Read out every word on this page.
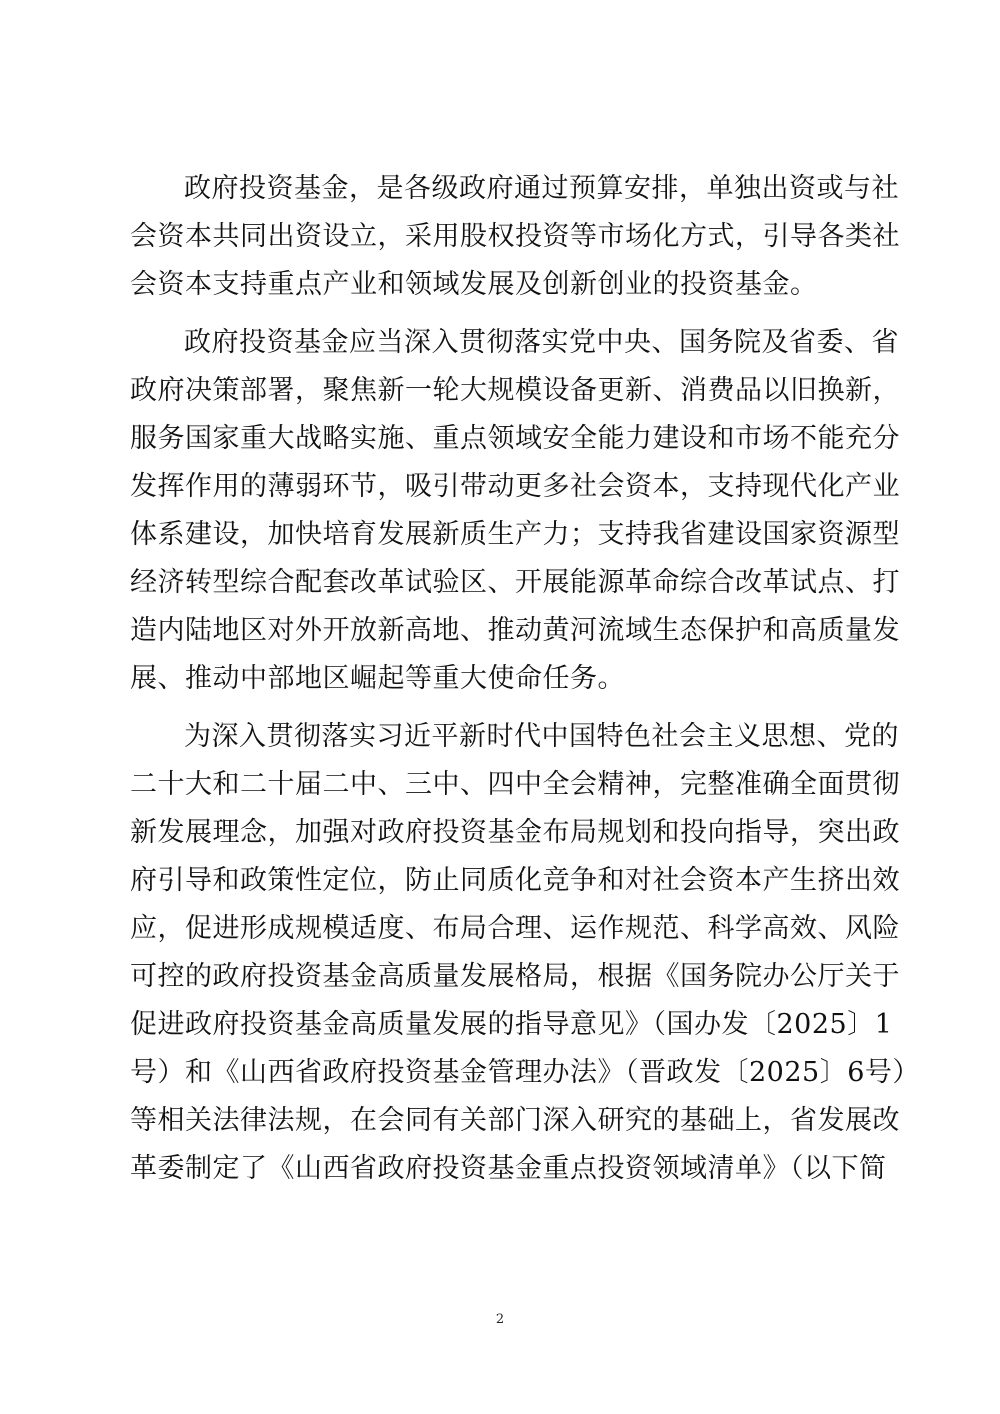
政府投资基金，是各级政府通过预算安排，单独出资或与社
会资本共同出资设立，采用股权投资等市场化方式，引导各类社
会资本支持重点产业和领域发展及创新创业的投资基金。
政府投资基金应当深入贯彻落实党中央、国务院及省委、省
政府决策部署，聚焦新一轮大规模设备更新、消费品以旧换新，
服务国家重大战略实施、重点领域安全能力建设和市场不能充分
发挥作用的薄弱环节，吸引带动更多社会资本，支持现代化产业
体系建设，加快培育发展新质生产力；支持我省建设国家资源型
经济转型综合配套改革试验区、开展能源革命综合改革试点、打
造内陆地区对外开放新高地、推动黄河流域生态保护和高质量发
展、推动中部地区崛起等重大使命任务。
为深入贯彻落实习近平新时代中国特色社会主义思想、党的
二十大和二十届二中、三中、四中全会精神，完整准确全面贯彻
新发展理念，加强对政府投资基金布局规划和投向指导，突出政
府引导和政策性定位，防止同质化竞争和对社会资本产生挤出效
应，促进形成规模适度、布局合理、运作规范、科学高效、风险
可控的政府投资基金高质量发展格局，根据《国务院办公厅关于
促进政府投资基金高质量发展的指导意见》（国办发〔2025〕1
号）和《山西省政府投资基金管理办法》（晋政发〔2025〕6号）
等相关法律法规，在会同有关部门深入研究的基础上，省发展改
革委制定了《山西省政府投资基金重点投资领域清单》（以下简
2
